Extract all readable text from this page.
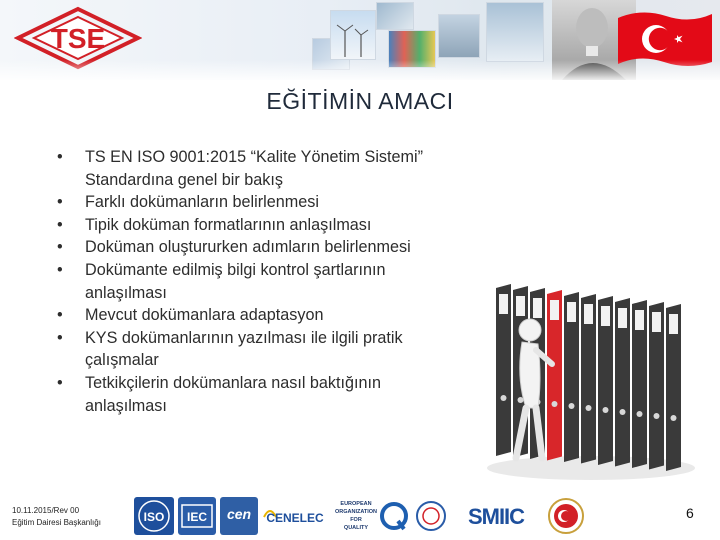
TSE
EĞİTİMİN AMACI
• TS EN ISO 9001:2015 “Kalite Yönetim Sistemi”
Standardına genel bir bakış
• Farklı dokümanların belirlenmesi
• Tipik doküman formatlarının anlaşılması
• Doküman oluştururken adımların belirlenmesi
• Dokümante edilmiş bilgi kontrol şartlarının
anlaşılması
• Mevcut dokümanlara adaptasyon
• KYS dokümanlarının yazılması ile ilgili pratik
çalışmalar
• Tetkikçilerin dokümanlara nasıl baktığının
anlaşılması
10.11.2015/Rev 00
Eğitim Dairesi Başkanlığı	ISO IEC cen CENELEC
EUROPEAN
ORGANIZATION
FOR
QUALITY	SMIIC	6
